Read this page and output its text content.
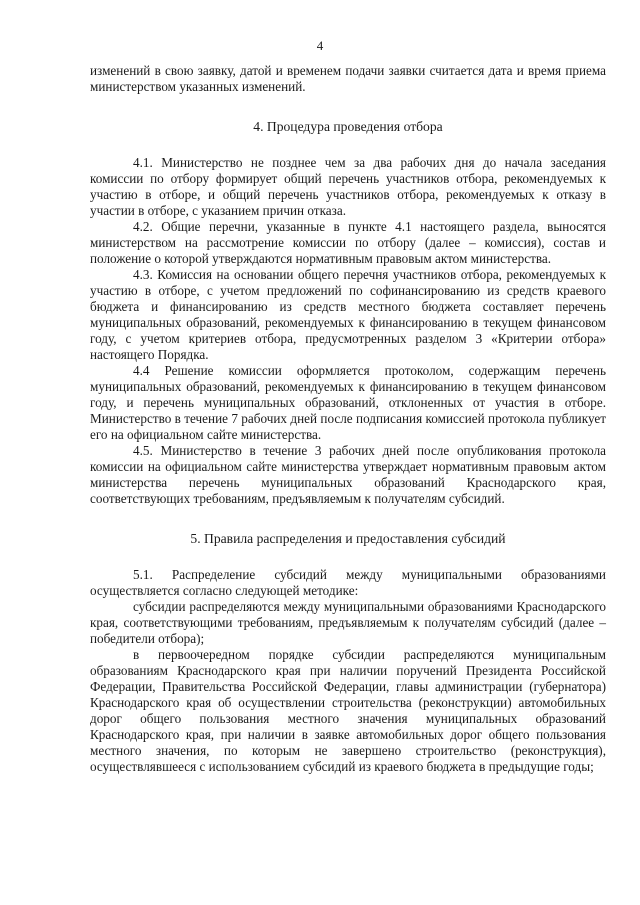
4

изменений в свою заявку, датой и временем подачи заявки считается дата и время приема министерством указанных изменений.

4. Процедура проведения отбора

4.1. Министерство не позднее чем за два рабочих дня до начала заседания комиссии по отбору формирует общий перечень участников отбора, рекомендуемых к участию в отборе, и общий перечень участников отбора, рекомендуемых к отказу в участии в отборе, с указанием причин отказа.

4.2. Общие перечни, указанные в пункте 4.1 настоящего раздела, выносятся министерством на рассмотрение комиссии по отбору (далее – комиссия), состав и положение о которой утверждаются нормативным правовым актом министерства.

4.3. Комиссия на основании общего перечня участников отбора, рекомендуемых к участию в отборе, с учетом предложений по софинансированию из средств краевого бюджета и финансированию из средств местного бюджета составляет перечень муниципальных образований, рекомендуемых к финансированию в текущем финансовом году, с учетом критериев отбора, предусмотренных разделом 3 «Критерии отбора» настоящего Порядка.

4.4 Решение комиссии оформляется протоколом, содержащим перечень муниципальных образований, рекомендуемых к финансированию в текущем финансовом году, и перечень муниципальных образований, отклоненных от участия в отборе. Министерство в течение 7 рабочих дней после подписания комиссией протокола публикует его на официальном сайте министерства.

4.5. Министерство в течение 3 рабочих дней после опубликования протокола комиссии на официальном сайте министерства утверждает нормативным правовым актом министерства перечень муниципальных образований Краснодарского края, соответствующих требованиям, предъявляемым к получателям субсидий.

5. Правила распределения и предоставления субсидий

5.1. Распределение субсидий между муниципальными образованиями осуществляется согласно следующей методике:

субсидии распределяются между муниципальными образованиями Краснодарского края, соответствующими требованиям, предъявляемым к получателям субсидий (далее – победители отбора);

в первоочередном порядке субсидии распределяются муниципальным образованиям Краснодарского края при наличии поручений Президента Российской Федерации, Правительства Российской Федерации, главы администрации (губернатора) Краснодарского края об осуществлении строительства (реконструкции) автомобильных дорог общего пользования местного значения муниципальных образований Краснодарского края, при наличии в заявке автомобильных дорог общего пользования местного значения, по которым не завершено строительство (реконструкция), осуществлявшееся с использованием субсидий из краевого бюджета в предыдущие годы;
